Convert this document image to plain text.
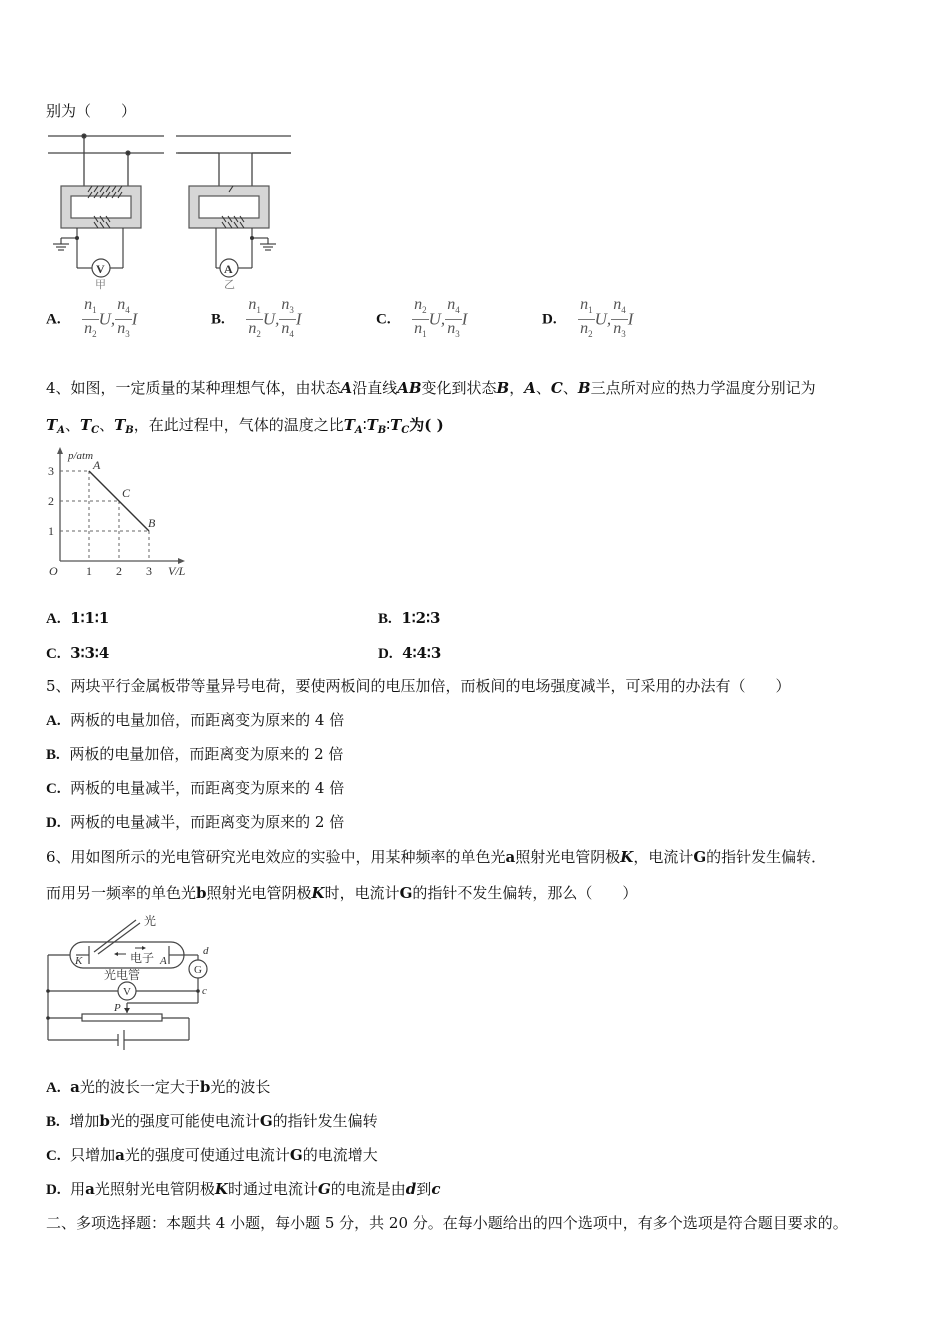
别为（　　）
V	A
甲	乙
A. $\frac{n_1}{n_2} U$, $\frac{n_4}{n_3}$ I	B. $\frac{n_1}{n_2} U$, $\frac{n_3}{n_4}$ I	C. $\frac{n_2}{n_1} U$, $\frac{n_4}{n_3}$ I	D. $\frac{n_1}{n_2} U$, $\frac{n_4}{n_3}$ I
4、如图，一定质量的某种理想气体，由状态A沿直线AB变化到状态B，A、C、B三点所对应的热力学温度分别记为
$T_A$、$T_C$、$T_B$，在此过程中，气体的温度之比$T_A∶T_B∶T_C$为( )
p/atm
3
2
1
O 1 2 3 V/L
A
C
B
A. 1∶1∶1	B. 1∶2∶3
C. 3∶3∶4	D. 4∶4∶3
5、两块平行金属板带等量异号电荷，要使两板间的电压加倍，而板间的电场强度减半，可采用的办法有（　　）
A. 两板的电量加倍，而距离变为原来的 4 倍
B. 两板的电量加倍，而距离变为原来的 2 倍
C. 两板的电量减半，而距离变为原来的 4 倍
D. 两板的电量减半，而距离变为原来的 2 倍
6、用如图所示的光电管研究光电效应的实验中，用某种频率的单色光a照射光电管阴极K，电流计G的指针发生偏转．
而用另一频率的单色光b照射光电管阴极K时，电流计G的指针不发生偏转，那么（　　）
光
电子
光电管
K	A
d
c
P
G
V
A. a光的波长一定大于b光的波长
B. 增加b光的强度可能使电流计G的指针发生偏转
C. 只增加a光的强度可使通过电流计G的电流增大
D. 用a光照射光电管阴极K时通过电流计G的电流是由d到c
二、多项选择题：本题共 4 小题，每小题 5 分，共 20 分。在每小题给出的四个选项中，有多个选项是符合题目要求的。
